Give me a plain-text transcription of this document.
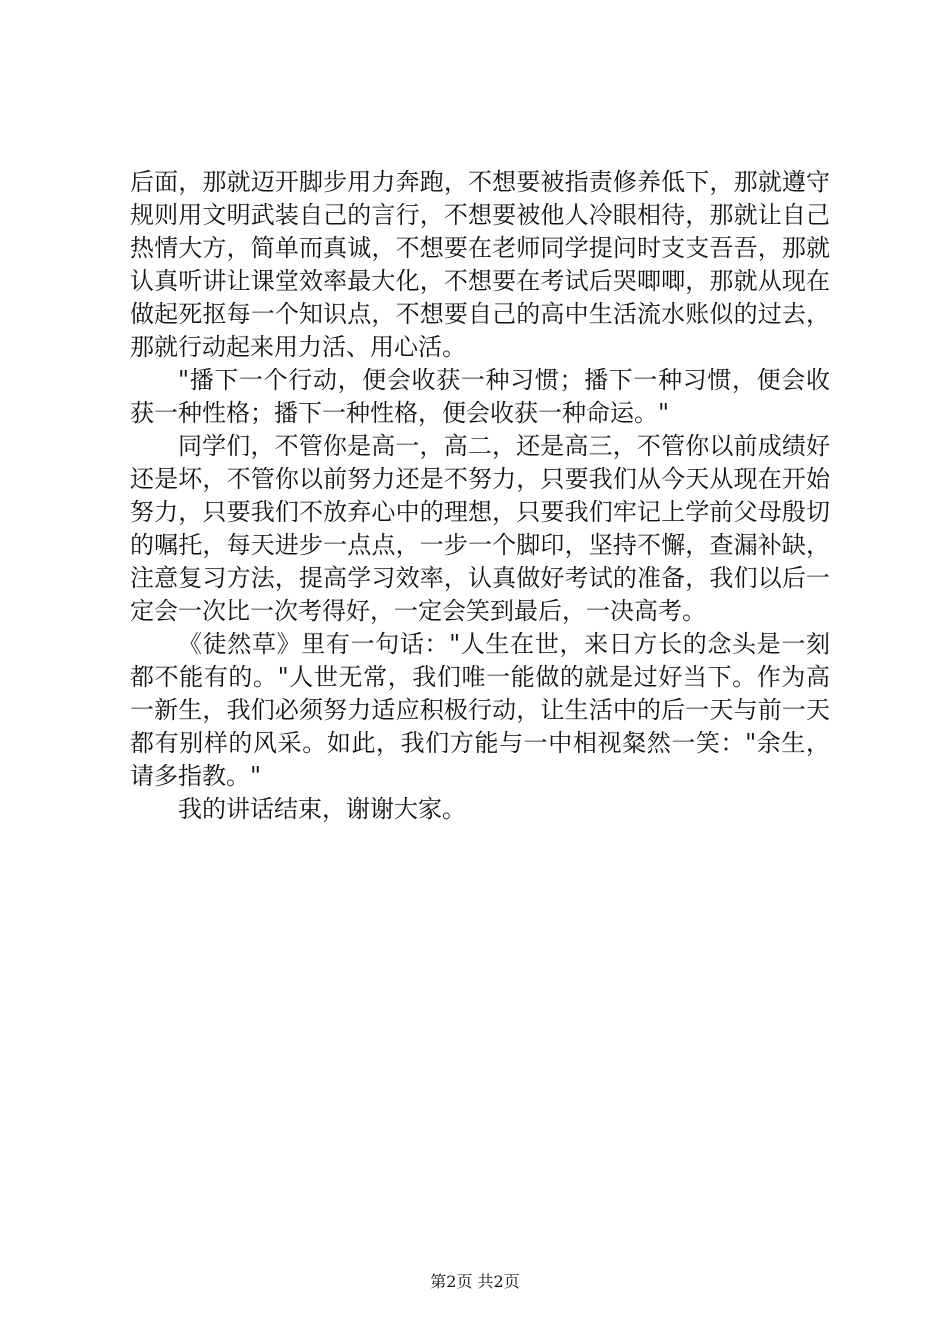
后面，那就迈开脚步用力奔跑，不想要被指责修养低下，那就遵守规则用文明武装自己的言行，不想要被他人冷眼相待，那就让自己热情大方，简单而真诚，不想要在老师同学提问时支支吾吾，那就认真听讲让课堂效率最大化，不想要在考试后哭唧唧，那就从现在做起死抠每一个知识点，不想要自己的高中生活流水账似的过去，那就行动起来用力活、用心活。

"播下一个行动，便会收获一种习惯；播下一种习惯，便会收获一种性格；播下一种性格，便会收获一种命运。"

同学们，不管你是高一，高二，还是高三，不管你以前成绩好还是坏，不管你以前努力还是不努力，只要我们从今天从现在开始努力，只要我们不放弃心中的理想，只要我们牢记上学前父母殷切的嘱托，每天进步一点点，一步一个脚印，坚持不懈，查漏补缺，注意复习方法，提高学习效率，认真做好考试的准备，我们以后一定会一次比一次考得好，一定会笑到最后，一决高考。

《徒然草》里有一句话："人生在世，来日方长的念头是一刻都不能有的。"人世无常，我们唯一能做的就是过好当下。作为高一新生，我们必须努力适应积极行动，让生活中的后一天与前一天都有别样的风采。如此，我们方能与一中相视粲然一笑："余生，请多指教。"

我的讲话结束，谢谢大家。

第2页 共2页
